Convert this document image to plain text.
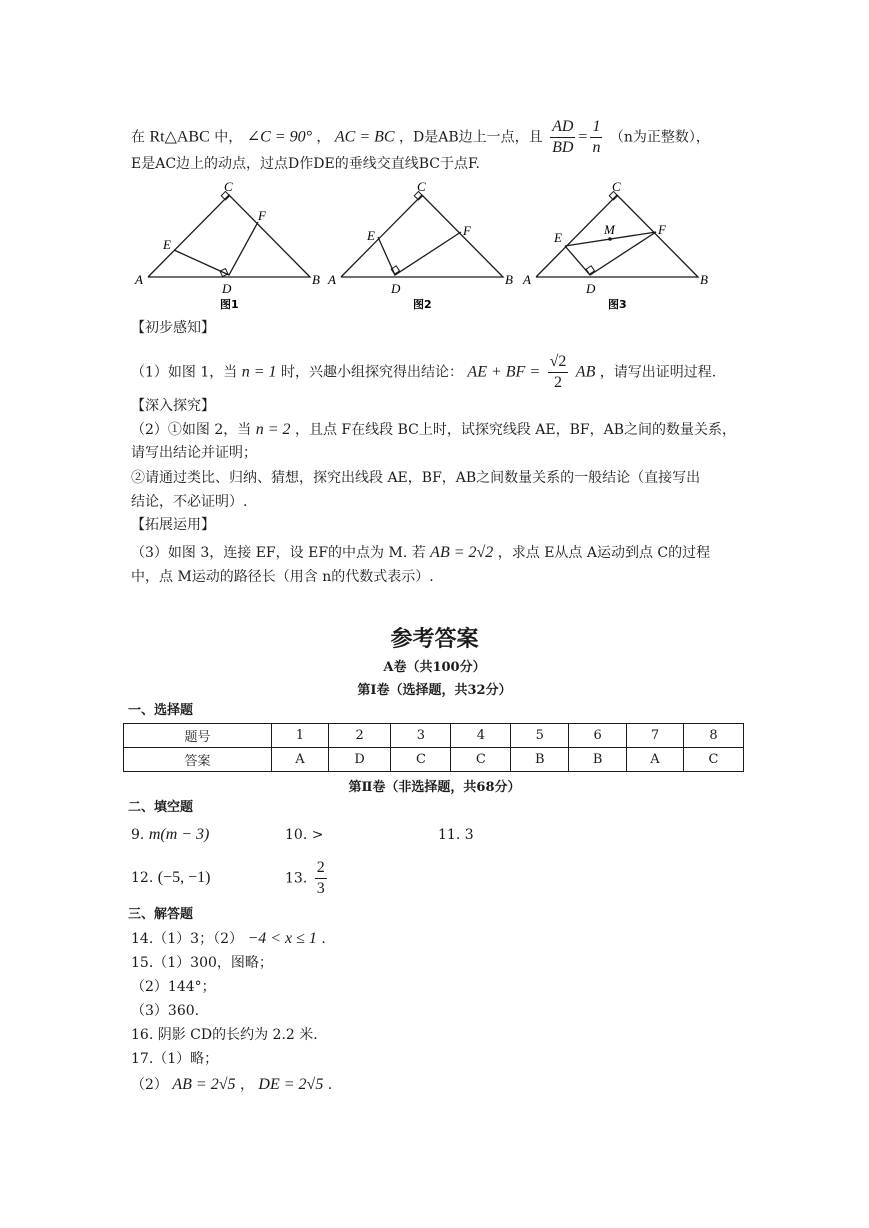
在 Rt△ABC 中， ∠C = 90° ， AC = BC ，D是AB边上一点，且 $\frac{AD}{BD} = \frac{1}{n} (n$为正整数），
E是AC边上的动点，过点D作DE的垂线交直线BC于点F.
C
E
F
A
D
B
图1
C
E	F
A
D
B
图2
C
M
E
F
A
D
B
图3
【初步感知】
（1）如图 1，当 n = 1 时，兴趣小组探究得出结论： AE + BF = $\frac{√2}{2}$ AB ，请写出证明过程.
【深入探究】
（2）①如图 2，当 n = 2 ，且点 F在线段 BC上时，试探究线段 AE，BF，AB之间的数量关系，
请写出结论并证明；
②请通过类比、归纳、猜想，探究出线段 AE，BF，AB之间数量关系的一般结论（直接写出
结论，不必证明）.
【拓展运用】
（3）如图 3，连接 EF，设 EF的中点为 M. 若 AB = 2√2 ，求点 E从点 A运动到点 C的过程
中，点 M运动的路径长（用含 n的代数式表示）.
参考答案
A卷（共100分）
第Ⅰ卷（选择题，共32分）
一、选择题
题号	1	2	3	4	5	6	7	8
答案	A	D	C	C	B	B	A	C
第Ⅱ卷（非选择题，共68分）
二、填空题
9. m(m − 3)	10. >	11. 3
12. (−5, −1)	13. $\frac{2}{3}$
三、解答题
14.（1）3；（2） −4 < x ≤ 1 .
15.（1）300，图略；
（2）144°；
（3）360.
16. 阴影 CD的长约为 2.2 米.
17.（1）略；
（2） AB = 2√5 ， DE = 2√5 .
